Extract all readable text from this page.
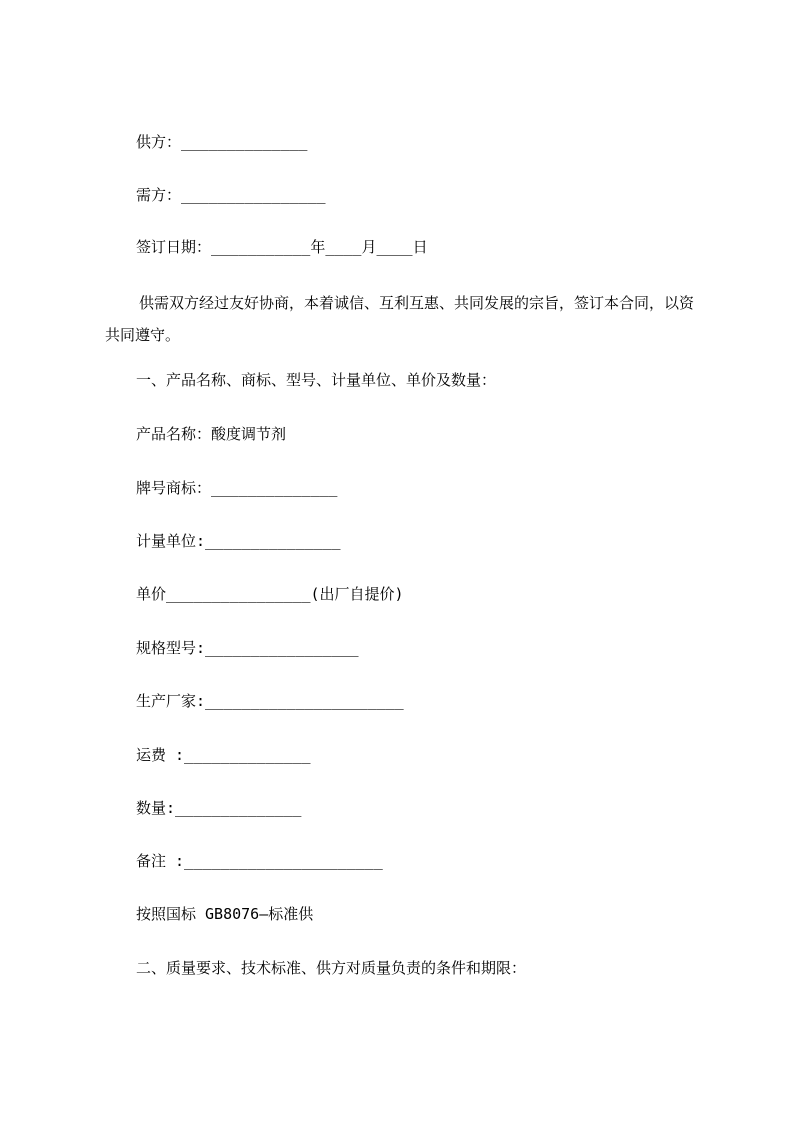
供方：______________
需方：________________
签订日期：___________年____月____日
供需双方经过友好协商，本着诚信、互利互惠、共同发展的宗旨，签订本合同，以资共同遵守。
一、产品名称、商标、型号、计量单位、单价及数量：
产品名称：酸度调节剂
牌号商标：______________
计量单位:_______________
单价________________(出厂自提价)
规格型号:_________________
生产厂家:______________________
运费 :______________
数量:______________
备注 :______________________
按照国标 GB8076—标准供
二、质量要求、技术标准、供方对质量负责的条件和期限：
